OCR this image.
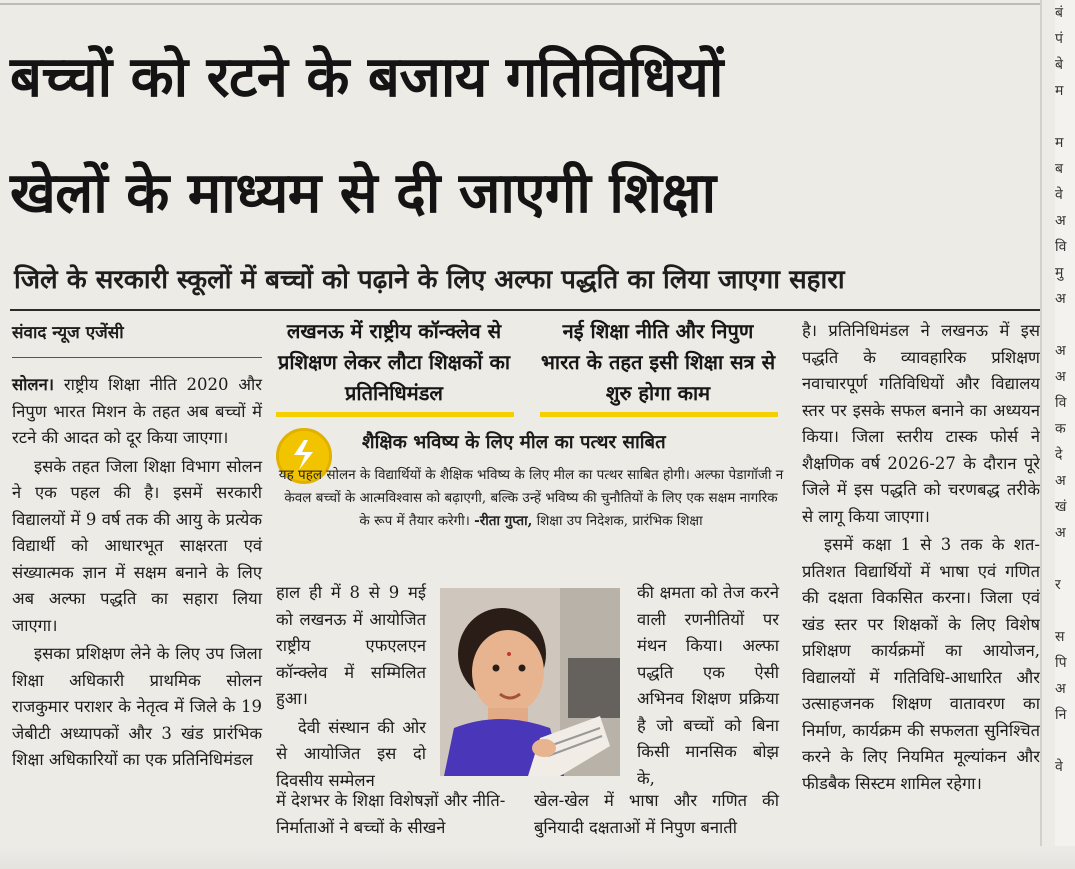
बच्चों को रटने के बजाय गतिविधियों
खेलों के माध्यम से दी जाएगी शिक्षा
जिले के सरकारी स्कूलों में बच्चों को पढ़ाने के लिए अल्फा पद्धति का लिया जाएगा सहारा
संवाद न्यूज एजेंसी

सोलन। राष्ट्रीय शिक्षा नीति 2020 और निपुण भारत मिशन के तहत अब बच्चों में रटने की आदत को दूर किया जाएगा।

इसके तहत जिला शिक्षा विभाग सोलन ने एक पहल की है। इसमें सरकारी विद्यालयों में 9 वर्ष तक की आयु के प्रत्येक विद्यार्थी को आधारभूत साक्षरता एवं संख्यात्मक ज्ञान में सक्षम बनाने के लिए अब अल्फा पद्धति का सहारा लिया जाएगा।

इसका प्रशिक्षण लेने के लिए उप जिला शिक्षा अधिकारी प्राथमिक सोलन राजकुमार पराशर के नेतृत्व में जिले के 19 जेबीटी अध्यापकों और 3 खंड प्रारंभिक शिक्षा अधिकारियों का एक प्रतिनिधिमंडल

लखनऊ में राष्ट्रीय कॉन्क्लेव से प्रशिक्षण लेकर लौटा शिक्षकों का प्रतिनिधिमंडल
नई शिक्षा नीति और निपुण भारत के तहत इसी शिक्षा सत्र से शुरु होगा काम
शैक्षिक भविष्य के लिए मील का पत्थर साबित
यह पहल सोलन के विद्यार्थियों के शैक्षिक भविष्य के लिए मील का पत्थर साबित होगी। अल्फा पेडागॉजी न केवल बच्चों के आत्मविश्वास को बढ़ाएगी, बल्कि उन्हें भविष्य की चुनौतियों के लिए एक सक्षम नागरिक के रूप में तैयार करेगी। -रीता गुप्ता, शिक्षा उप निदेशक, प्रारंभिक शिक्षा

हाल ही में 8 से 9 मई को लखनऊ में आयोजित राष्ट्रीय एफएलएन कॉन्क्लेव में सम्मिलित हुआ।

देवी संस्थान की ओर से आयोजित इस दो दिवसीय सम्मेलन

की क्षमता को तेज करने वाली रणनीतियों पर मंथन किया। अल्फा पद्धति एक ऐसी अभिनव शिक्षण प्रक्रिया है जो बच्चों को बिना किसी मानसिक बोझ के,

में देशभर के शिक्षा विशेषज्ञों और नीति-निर्माताओं ने बच्चों के सीखने

खेल-खेल में भाषा और गणित की बुनियादी दक्षताओं में निपुण बनाती

है। प्रतिनिधिमंडल ने लखनऊ में इस पद्धति के व्यावहारिक प्रशिक्षण नवाचारपूर्ण गतिविधियों और विद्यालय स्तर पर इसके सफल बनाने का अध्ययन किया। जिला स्तरीय टास्क फोर्स ने शैक्षणिक वर्ष 2026-27 के दौरान पूरे जिले में इस पद्धति को चरणबद्ध तरीके से लागू किया जाएगा।

इसमें कक्षा 1 से 3 तक के शत-प्रतिशत विद्यार्थियों में भाषा एवं गणित की दक्षता विकसित करना। जिला एवं खंड स्तर पर शिक्षकों के लिए विशेष प्रशिक्षण कार्यक्रमों का आयोजन, विद्यालयों में गतिविधि-आधारित और उत्साहजनक शिक्षण वातावरण का निर्माण, कार्यक्रम की सफलता सुनिश्चित करने के लिए नियमित मूल्यांकन और फीडबैक सिस्टम शामिल रहेगा।

बं
पं
बे
म

म
ब
वे
अ
वि
मु
अ

अ
अ
वि
क
दे
अ
खं
अ

र

स
पि
अ
नि

वे
